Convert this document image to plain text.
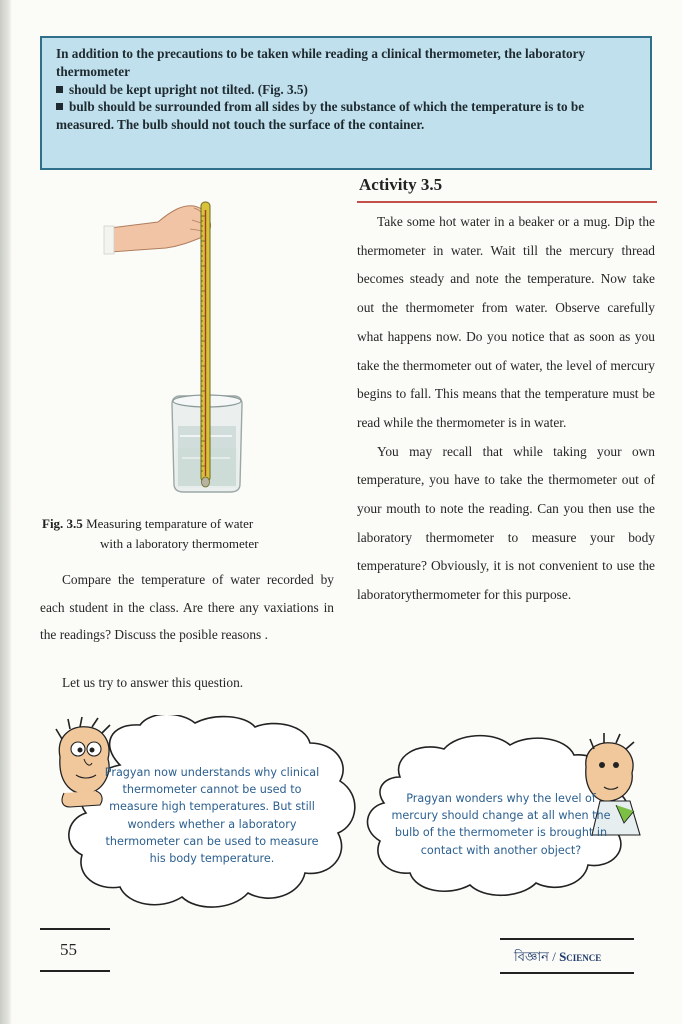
In addition to the precautions to be taken while reading a clinical thermometer, the laboratory thermometer

should be kept upright not tilted. (Fig. 3.5)

bulb should be surrounded from all sides by the substance of which the temperature is to be measured. The bulb should not touch the surface of the container.

Activity 3.5

Take some hot water in a beaker or a mug. Dip the thermometer in water. Wait till the mercury thread becomes steady and note the temperature. Now take out the thermometer from water. Observe carefully what happens now. Do you notice that as soon as you take the thermometer out of water, the level of mercury begins to fall. This means that the temperature must be read while the thermometer is in water.

You may recall that while taking your own temperature, you have to take the thermometer out of your mouth to note the reading. Can you then use the laboratory thermometer to measure your body temperature? Obviously, it is not convenient to use the laboratorythermometer for this purpose.

Fig. 3.5 Measuring temparature of water
with a laboratory thermometer

Compare the temperature of water recorded by each student in the class. Are there any vaxiations in the readings? Discuss the posible reasons .

Let us try to answer this question.
Pragyan now understands why clinical thermometer cannot be used to measure high temperatures. But still wonders whether a laboratory thermometer can be used to measure his body temperature.
Pragyan wonders why the level of mercury should change at all when the bulb of the thermometer is brought in contact with another object?
55	বিজ্ঞান / Science
